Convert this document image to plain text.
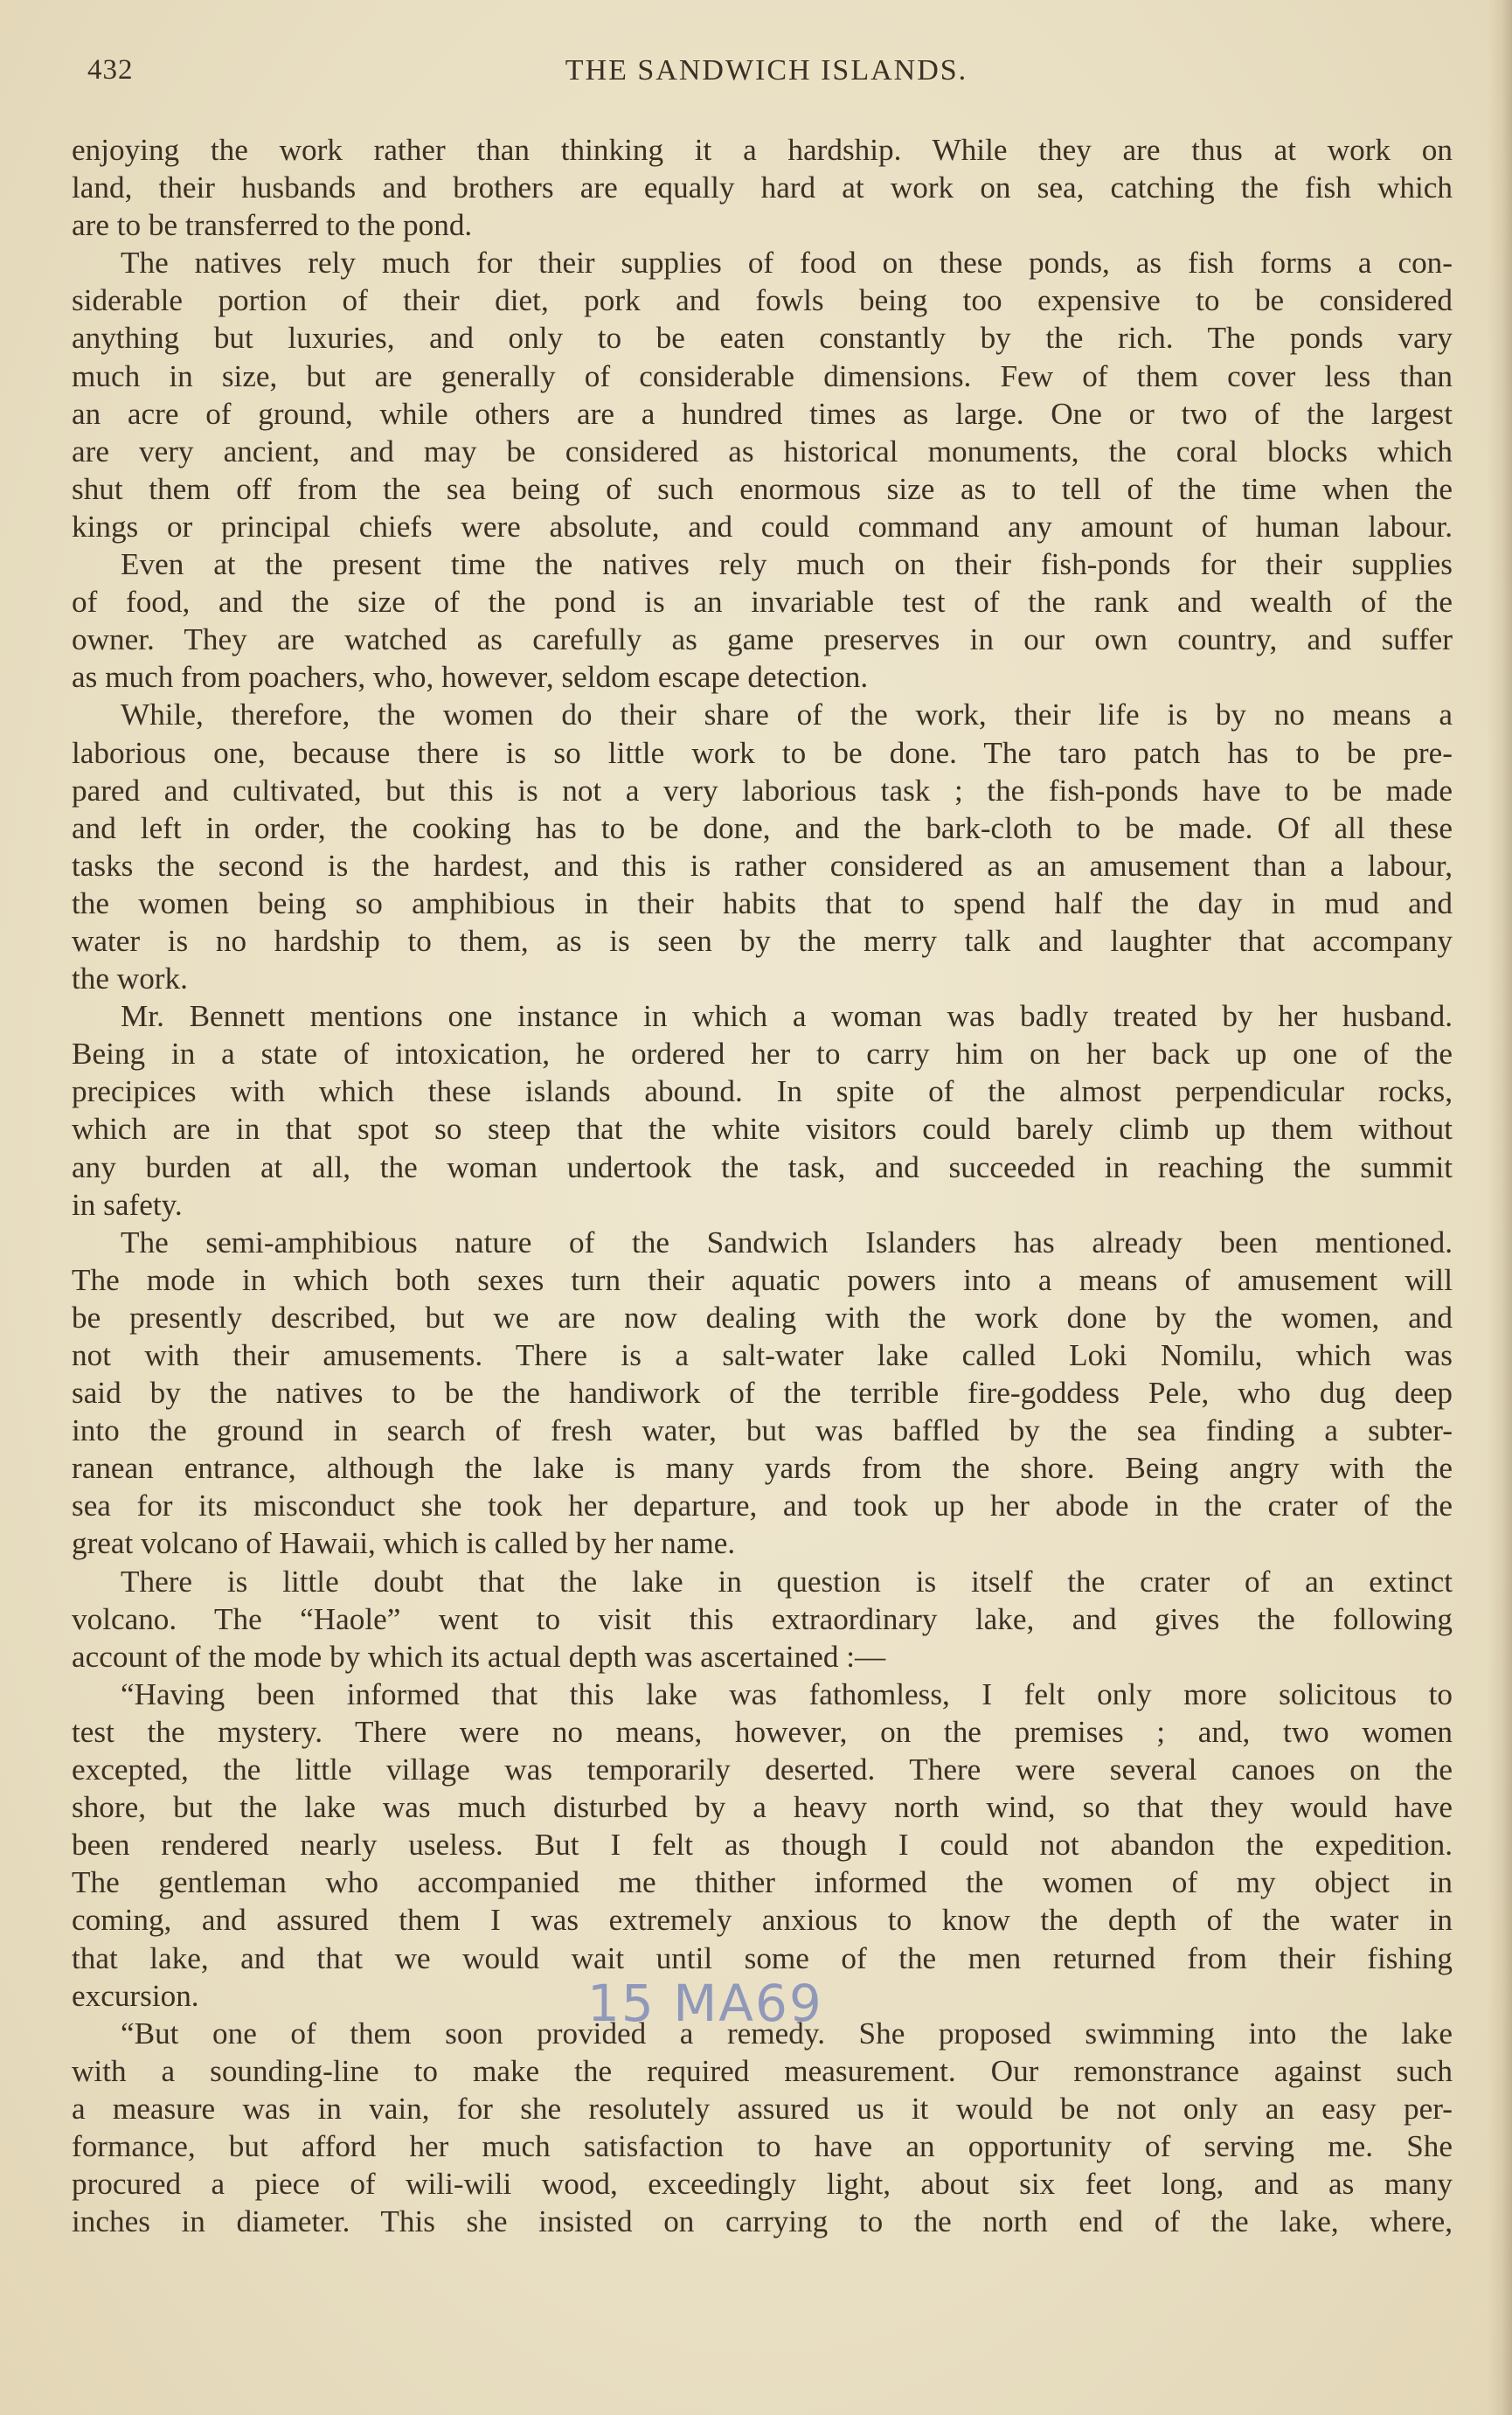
432	THE SANDWICH ISLANDS.
enjoying the work rather than thinking it a hardship. While they are thus at work on
land, their husbands and brothers are equally hard at work on sea, catching the fish which
are to be transferred to the pond.
The natives rely much for their supplies of food on these ponds, as fish forms a con-
siderable portion of their diet, pork and fowls being too expensive to be considered
anything but luxuries, and only to be eaten constantly by the rich. The ponds vary
much in size, but are generally of considerable dimensions. Few of them cover less than
an acre of ground, while others are a hundred times as large. One or two of the largest
are very ancient, and may be considered as historical monuments, the coral blocks which
shut them off from the sea being of such enormous size as to tell of the time when the
kings or principal chiefs were absolute, and could command any amount of human labour.
Even at the present time the natives rely much on their fish-ponds for their supplies
of food, and the size of the pond is an invariable test of the rank and wealth of the
owner. They are watched as carefully as game preserves in our own country, and suffer
as much from poachers, who, however, seldom escape detection.
While, therefore, the women do their share of the work, their life is by no means a
laborious one, because there is so little work to be done. The taro patch has to be pre-
pared and cultivated, but this is not a very laborious task ; the fish-ponds have to be made
and left in order, the cooking has to be done, and the bark-cloth to be made. Of all these
tasks the second is the hardest, and this is rather considered as an amusement than a labour,
the women being so amphibious in their habits that to spend half the day in mud and
water is no hardship to them, as is seen by the merry talk and laughter that accompany
the work.
Mr. Bennett mentions one instance in which a woman was badly treated by her husband.
Being in a state of intoxication, he ordered her to carry him on her back up one of the
precipices with which these islands abound. In spite of the almost perpendicular rocks,
which are in that spot so steep that the white visitors could barely climb up them without
any burden at all, the woman undertook the task, and succeeded in reaching the summit
in safety.
The semi-amphibious nature of the Sandwich Islanders has already been mentioned.
The mode in which both sexes turn their aquatic powers into a means of amusement will
be presently described, but we are now dealing with the work done by the women, and
not with their amusements. There is a salt-water lake called Loki Nomilu, which was
said by the natives to be the handiwork of the terrible fire-goddess Pele, who dug deep
into the ground in search of fresh water, but was baffled by the sea finding a subter-
ranean entrance, although the lake is many yards from the shore. Being angry with the
sea for its misconduct she took her departure, and took up her abode in the crater of the
great volcano of Hawaii, which is called by her name.
There is little doubt that the lake in question is itself the crater of an extinct
volcano. The “Haole” went to visit this extraordinary lake, and gives the following
account of the mode by which its actual depth was ascertained :—
“Having been informed that this lake was fathomless, I felt only more solicitous to
test the mystery. There were no means, however, on the premises ; and, two women
excepted, the little village was temporarily deserted. There were several canoes on the
shore, but the lake was much disturbed by a heavy north wind, so that they would have
been rendered nearly useless. But I felt as though I could not abandon the expedition.
The gentleman who accompanied me thither informed the women of my object in
coming, and assured them I was extremely anxious to know the depth of the water in
that lake, and that we would wait until some of the men returned from their fishing
excursion.
“But one of them soon provided a remedy. She proposed swimming into the lake
with a sounding-line to make the required measurement. Our remonstrance against such
a measure was in vain, for she resolutely assured us it would be not only an easy per-
formance, but afford her much satisfaction to have an opportunity of serving me. She
procured a piece of wili-wili wood, exceedingly light, about six feet long, and as many
inches in diameter. This she insisted on carrying to the north end of the lake, where,
15 MA69
